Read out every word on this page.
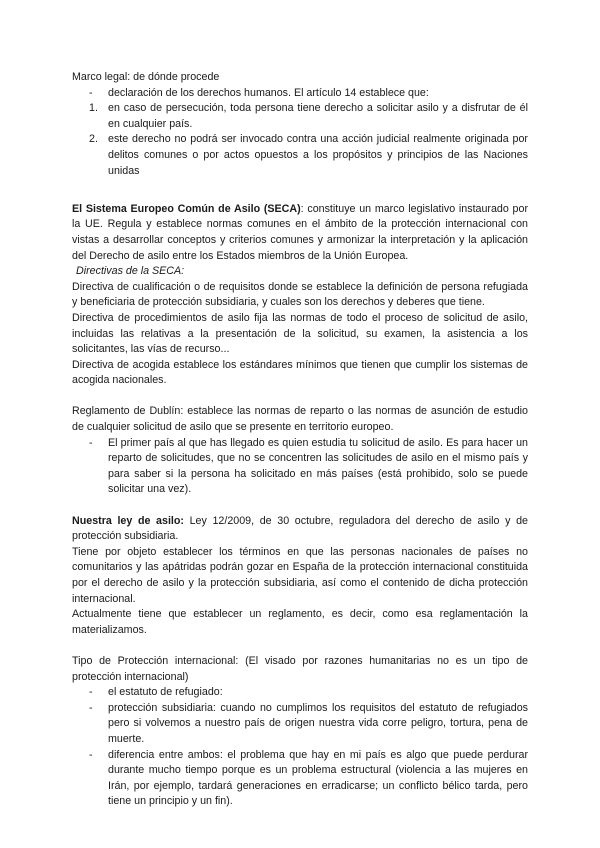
Marco legal: de dónde procede

- declaración de los derechos humanos. El artículo 14 establece que:
1. en caso de persecución, toda persona tiene derecho a solicitar asilo y a disfrutar de él en cualquier país.
2. este derecho no podrá ser invocado contra una acción judicial realmente originada por delitos comunes o por actos opuestos a los propósitos y principios de las Naciones unidas

El Sistema Europeo Común de Asilo (SECA): constituye un marco legislativo instaurado por la UE. Regula y establece normas comunes en el ámbito de la protección internacional con vistas a desarrollar conceptos y criterios comunes y armonizar la interpretación y la aplicación del Derecho de asilo entre los Estados miembros de la Unión Europea.

Directivas de la SECA:

Directiva de cualificación o de requisitos donde se establece la definición de persona refugiada y beneficiaria de protección subsidiaria, y cuales son los derechos y deberes que tiene.

Directiva de procedimientos de asilo fija las normas de todo el proceso de solicitud de asilo, incluidas las relativas a la presentación de la solicitud, su examen, la asistencia a los solicitantes, las vías de recurso...

Directiva de acogida establece los estándares mínimos que tienen que cumplir los sistemas de acogida nacionales.

Reglamento de Dublín: establece las normas de reparto o las normas de asunción de estudio de cualquier solicitud de asilo que se presente en territorio europeo.

- El primer país al que has llegado es quien estudia tu solicitud de asilo. Es para hacer un reparto de solicitudes, que no se concentren las solicitudes de asilo en el mismo país y para saber si la persona ha solicitado en más países (está prohibido, solo se puede solicitar una vez).

Nuestra ley de asilo: Ley 12/2009, de 30 octubre, reguladora del derecho de asilo y de protección subsidiaria.

Tiene por objeto establecer los términos en que las personas nacionales de países no comunitarios y las apátridas podrán gozar en España de la protección internacional constituida por el derecho de asilo y la protección subsidiaria, así como el contenido de dicha protección internacional.

Actualmente tiene que establecer un reglamento, es decir, como esa reglamentación la materializamos.

Tipo de Protección internacional: (El visado por razones humanitarias no es un tipo de protección internacional)

- el estatuto de refugiado:
- protección subsidiaria: cuando no cumplimos los requisitos del estatuto de refugiados pero si volvemos a nuestro país de origen nuestra vida corre peligro, tortura, pena de muerte.
- diferencia entre ambos: el problema que hay en mi país es algo que puede perdurar durante mucho tiempo porque es un problema estructural (violencia a las mujeres en Irán, por ejemplo, tardará generaciones en erradicarse; un conflicto bélico tarda, pero tiene un principio y un fin).
